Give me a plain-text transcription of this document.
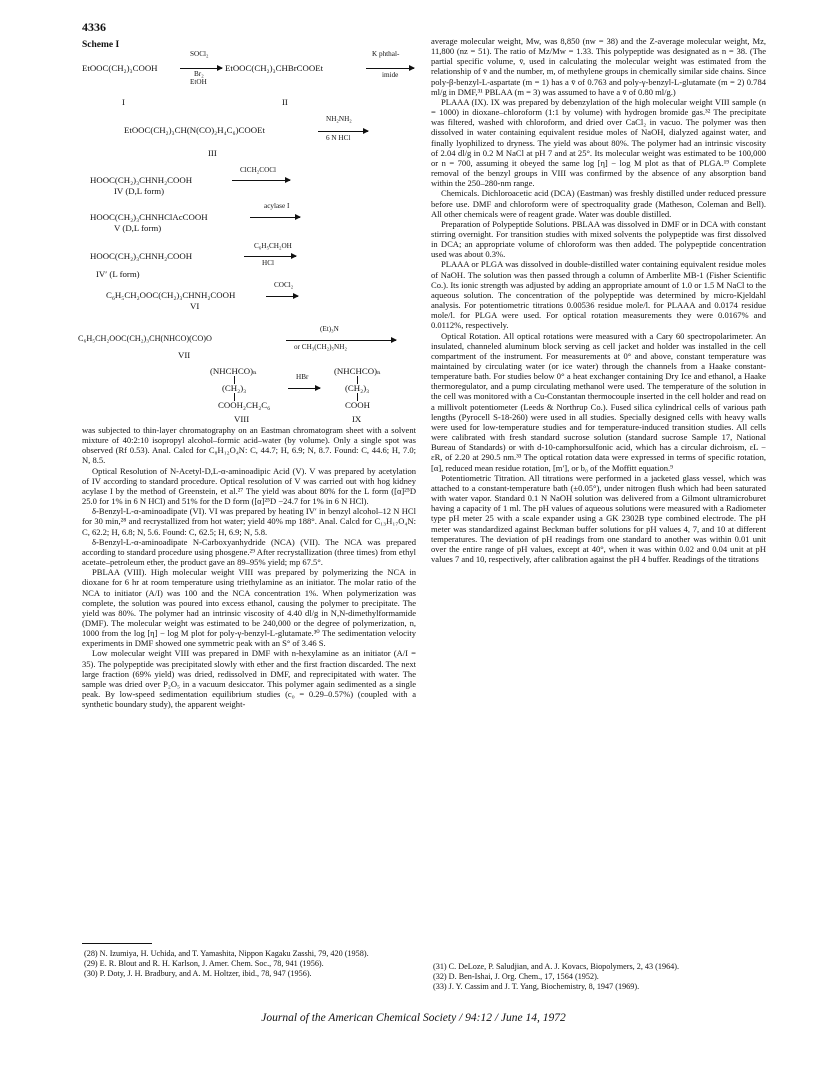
4336
Scheme I
EtOOC(CH₂)₃COOH
SOCl₂
Br₂
EtOH
EtOOC(CH₂)₃CHBrCOOEt
K phthal-
imide
I	II
EtOOC(CH₂)₃CH(N(CO)₂H₄C₆)COOEt
NH₂NH₂
6 N HCl
III
HOOC(CH₂)₃CHNH₂COOH
ClCH₂COCl
IV (D,L form)
HOOC(CH₂)₃CHNHClAcCOOH
acylase I
V (D,L form)
HOOC(CH₂)₃CHNH₂COOH
C₆H₅CH₂OH
HCl
IV′ (L form)
C₆H₅CH₂OOC(CH₂)₃CHNH₂COOH
COCl₂
VI
C₆H₅CH₂OOC(CH₂)₃CH(NHCO)(CO)O
(Et)₃N
or CH₃(CH₂)₅NH₂
VII
(NHCHCO)ₙ
(CH₂)₃
COOH₂CH₂C₆
VIII
HBr
(NHCHCO)ₙ
(CH₂)₃
COOH
IX

was subjected to thin-layer chromatography on an Eastman chromatogram sheet with a solvent mixture of 40:2:10 isopropyl alcohol–formic acid–water (by volume). Only a single spot was observed (Rf 0.53). Anal. Calcd for C₈H₁₂O₄N: C, 44.7; H, 6.9; N, 8.7. Found: C, 44.6; H, 7.0; N, 8.5.

Optical Resolution of N-Acetyl-D,L-α-aminoadipic Acid (V). V was prepared by acetylation of IV according to standard procedure. Optical resolution of V was carried out with hog kidney acylase I by the method of Greenstein, et al.²⁷ The yield was about 80% for the L form ([α]²⁵D 25.0 for 1% in 6 N HCl) and 51% for the D form ([α]²⁵D −24.7 for 1% in 6 N HCl).

δ-Benzyl-L-α-aminoadipate (VI). VI was prepared by heating IV′ in benzyl alcohol–12 N HCl for 30 min,²⁸ and recrystallized from hot water; yield 40% mp 188°. Anal. Calcd for C₁₃H₁₇O₄N: C, 62.2; H, 6.8; N, 5.6. Found: C, 62.5; H, 6.9; N, 5.8.

δ-Benzyl-L-α-aminoadipate N-Carboxyanhydride (NCA) (VII). The NCA was prepared according to standard procedure using phosgene.²⁹ After recrystallization (three times) from ethyl acetate–petroleum ether, the product gave an 89–95% yield; mp 67.5°.

PBLAA (VIII). High molecular weight VIII was prepared by polymerizing the NCA in dioxane for 6 hr at room temperature using triethylamine as an initiator. The molar ratio of the NCA to initiator (A/I) was 100 and the NCA concentration 1%. When polymerization was complete, the solution was poured into excess ethanol, causing the polymer to precipitate. The yield was 80%. The polymer had an intrinsic viscosity of 4.40 dl/g in N,N-dimethylformamide (DMF). The molecular weight was estimated to be 240,000 or the degree of polymerization, n, 1000 from the log [η] − log M plot for poly-γ-benzyl-L-glutamate.³⁰ The sedimentation velocity experiments in DMF showed one symmetric peak with an S° of 3.46 S.

Low molecular weight VIII was prepared in DMF with n-hexylamine as an initiator (A/I = 35). The polypeptide was precipitated slowly with ether and the first fraction discarded. The next large fraction (69% yield) was dried, redissolved in DMF, and reprecipitated with water. The sample was dried over P₂O₅ in a vacuum desiccator. This polymer again sedimented as a single peak. By low-speed sedimentation equilibrium studies (c₀ = 0.29–0.57%) (coupled with a synthetic boundary study), the apparent weight-

average molecular weight, Mw, was 8,850 (nw = 38) and the Z-average molecular weight, Mz, 11,800 (nz = 51). The ratio of Mz/Mw = 1.33. This polypeptide was designated as n = 38. (The partial specific volume, v̄, used in calculating the molecular weight was estimated from the relationship of v̄ and the number, m, of methylene groups in chemically similar side chains. Since poly-β-benzyl-L-aspartate (m = 1) has a v̄ of 0.763 and poly-γ-benzyl-L-glutamate (m = 2) 0.784 ml/g in DMF,³¹ PBLAA (m = 3) was assumed to have a v̄ of 0.80 ml/g.)

PLAAA (IX). IX was prepared by debenzylation of the high molecular weight VIII sample (n = 1000) in dioxane–chloroform (1:1 by volume) with hydrogen bromide gas.³² The precipitate was filtered, washed with chloroform, and dried over CaCl₂ in vacuo. The polymer was then dissolved in water containing equivalent residue moles of NaOH, dialyzed against water, and finally lyophilized to dryness. The yield was about 80%. The polymer had an intrinsic viscosity of 2.04 dl/g in 0.2 M NaCl at pH 7 and at 25°. Its molecular weight was estimated to be 100,000 or n = 700, assuming it obeyed the same log [η] − log M plot as that of PLGA.¹⁹ Complete removal of the benzyl groups in VIII was confirmed by the absence of any absorption band within the 250–280-nm range.

Chemicals. Dichloroacetic acid (DCA) (Eastman) was freshly distilled under reduced pressure before use. DMF and chloroform were of spectroquality grade (Matheson, Coleman and Bell). All other chemicals were of reagent grade. Water was double distilled.

Preparation of Polypeptide Solutions. PBLAA was dissolved in DMF or in DCA with constant stirring overnight. For transition studies with mixed solvents the polypeptide was first dissolved in DCA; an appropriate volume of chloroform was then added. The polypeptide concentration used was about 0.3%.

PLAAA or PLGA was dissolved in double-distilled water containing equivalent residue moles of NaOH. The solution was then passed through a column of Amberlite MB-1 (Fisher Scientific Co.). Its ionic strength was adjusted by adding an appropriate amount of 1.0 or 1.5 M NaCl to the aqueous solution. The concentration of the polypeptide was determined by micro-Kjeldahl analysis. For potentiometric titrations 0.00536 residue mole/l. for PLAAA and 0.0174 residue mole/l. for PLGA were used. For optical rotation measurements they were 0.0167% and 0.0112%, respectively.

Optical Rotation. All optical rotations were measured with a Cary 60 spectropolarimeter. An insulated, channeled aluminum block serving as cell jacket and holder was installed in the cell compartment of the instrument. For measurements at 0° and above, constant temperature was maintained by circulating water (or ice water) through the channels from a Haake constant-temperature bath. For studies below 0° a heat exchanger containing Dry Ice and ethanol, a Haake thermoregulator, and a pump circulating methanol were used. The temperature of the solution in the cell was monitored with a Cu-Constantan thermocouple inserted in the cell holder and read on a millivolt potentiometer (Leeds & Northrup Co.). Fused silica cylindrical cells of various path lengths (Pyrocell S-18-260) were used in all studies. Specially designed cells with heavy walls were used for low-temperature studies and for temperature-induced transition studies. All cells were calibrated with fresh standard sucrose solution (standard sucrose Sample 17, National Bureau of Standards) or with d-10-camphorsulfonic acid, which has a circular dichroism, εL − εR, of 2.20 at 290.5 nm.³³ The optical rotation data were expressed in terms of specific rotation, [α], reduced mean residue rotation, [m′], or b₀ of the Moffitt equation.⁹

Potentiometric Titration. All titrations were performed in a jacketed glass vessel, which was attached to a constant-temperature bath (±0.05°), under nitrogen flush which had been saturated with water vapor. Standard 0.1 N NaOH solution was delivered from a Gilmont ultramicroburet having a capacity of 1 ml. The pH values of aqueous solutions were measured with a Radiometer type pH meter 25 with a scale expander using a GK 2302B type combined electrode. The pH meter was standardized against Beckman buffer solutions for pH values 4, 7, and 10 at different temperatures. The deviation of pH readings from one standard to another was within 0.01 unit over the entire range of pH values, except at 40°, when it was within 0.02 and 0.04 unit at pH values 7 and 10, respectively, after calibration against the pH 4 buffer. Readings of the titrations

(28) N. Izumiya, H. Uchida, and T. Yamashita, Nippon Kagaku Zasshi, 79, 420 (1958).
(29) E. R. Blout and R. H. Karlson, J. Amer. Chem. Soc., 78, 941 (1956).
(30) P. Doty, J. H. Bradbury, and A. M. Holtzer, ibid., 78, 947 (1956).
(31) C. DeLoze, P. Saludjian, and A. J. Kovacs, Biopolymers, 2, 43 (1964).
(32) D. Ben-Ishai, J. Org. Chem., 17, 1564 (1952).
(33) J. Y. Cassim and J. T. Yang, Biochemistry, 8, 1947 (1969).
Journal of the American Chemical Society / 94:12 / June 14, 1972
